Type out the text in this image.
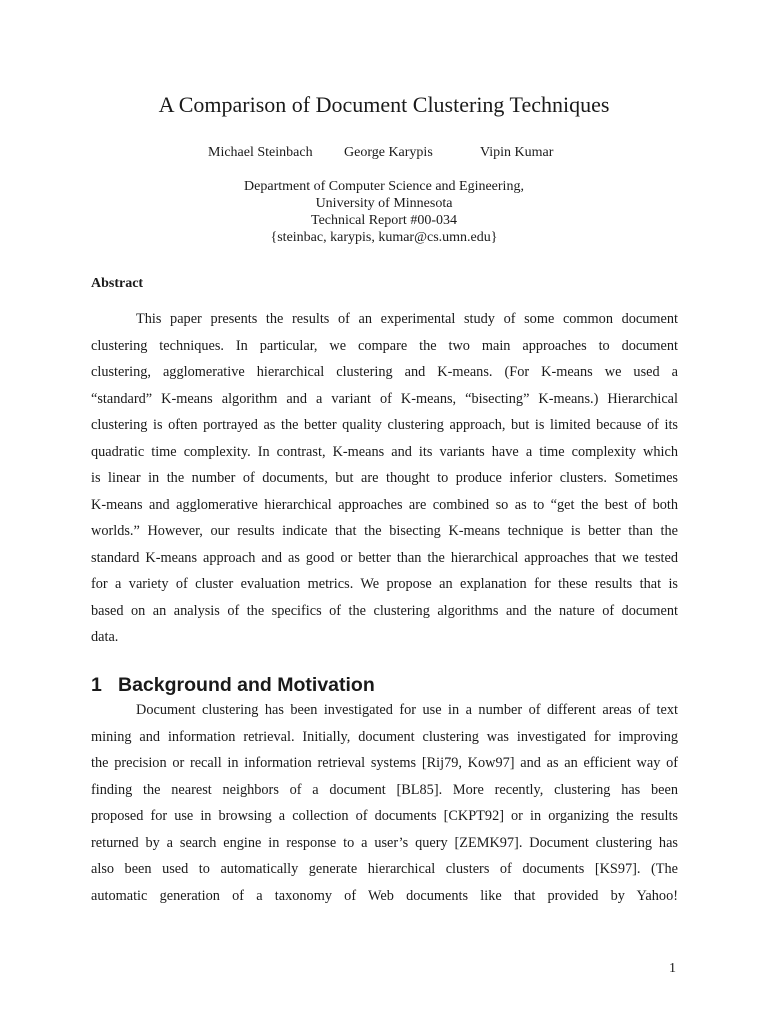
A Comparison of Document Clustering Techniques
Michael Steinbach George Karypis	Vipin Kumar
Department of Computer Science and Egineering,
University of Minnesota
Technical Report #00-034
{steinbac, karypis, kumar@cs.umn.edu}
Abstract
This paper presents the results of an experimental study of some common document
clustering techniques. In particular, we compare the two main approaches to document
clustering, agglomerative hierarchical clustering and K-means. (For K-means we used a
“standard” K-means algorithm and a variant of K-means, “bisecting” K-means.) Hierarchical
clustering is often portrayed as the better quality clustering approach, but is limited because of its
quadratic time complexity. In contrast, K-means and its variants have a time complexity which
is linear in the number of documents, but are thought to produce inferior clusters. Sometimes
K-means and agglomerative hierarchical approaches are combined so as to “get the best of both
worlds.” However, our results indicate that the bisecting K-means technique is better than the
standard K-means approach and as good or better than the hierarchical approaches that we tested
for a variety of cluster evaluation metrics. We propose an explanation for these results that is
based on an analysis of the specifics of the clustering algorithms and the nature of document
data.
1 Background and Motivation
Document clustering has been investigated for use in a number of different areas of text
mining and information retrieval. Initially, document clustering was investigated for improving
the precision or recall in information retrieval systems [Rij79, Kow97] and as an efficient way of
finding the nearest neighbors of a document [BL85]. More recently, clustering has been
proposed for use in browsing a collection of documents [CKPT92] or in organizing the results
returned by a search engine in response to a user’s query [ZEMK97]. Document clustering has
also been used to automatically generate hierarchical clusters of documents [KS97]. (The
automatic generation of a taxonomy of Web documents like that provided by Yahoo!
1
